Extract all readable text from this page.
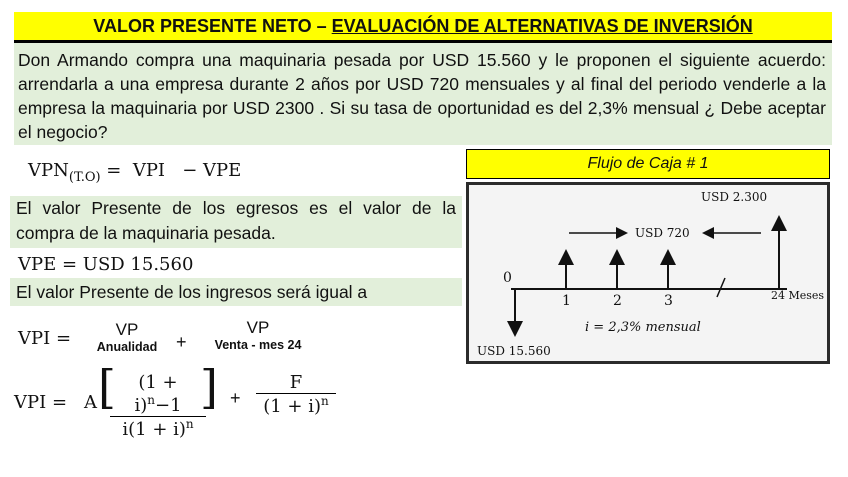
VALOR PRESENTE NETO – EVALUACIÓN DE ALTERNATIVAS DE INVERSIÓN
Don Armando compra una maquinaria pesada por USD 15.560 y le proponen el siguiente acuerdo: arrendarla a una empresa durante 2 años por USD 720 mensuales y al final del periodo venderle a la empresa la maquinaria por USD 2300 . Si su tasa de oportunidad es del 2,3% mensual ¿ Debe aceptar el negocio?
$VPN_{(T.O)}$ =  VPI   − VPE
El valor Presente de los egresos es el valor de la compra de la maquinaria pesada.
VPE = USD 15.560
El valor Presente de los ingresos será igual a
VPI =	VP
Anualidad +
VP
Venta - mes 24
VPI = A [
$\frac{(1 + i)^n-1}{i(1 + i)^n}$
] + $\frac{F}{(1 + i)^n}$
Flujo de Caja # 1
USD 2.300
USD 720
0
1	2	3	24 Meses
i = 2,3% mensual
USD 15.560
